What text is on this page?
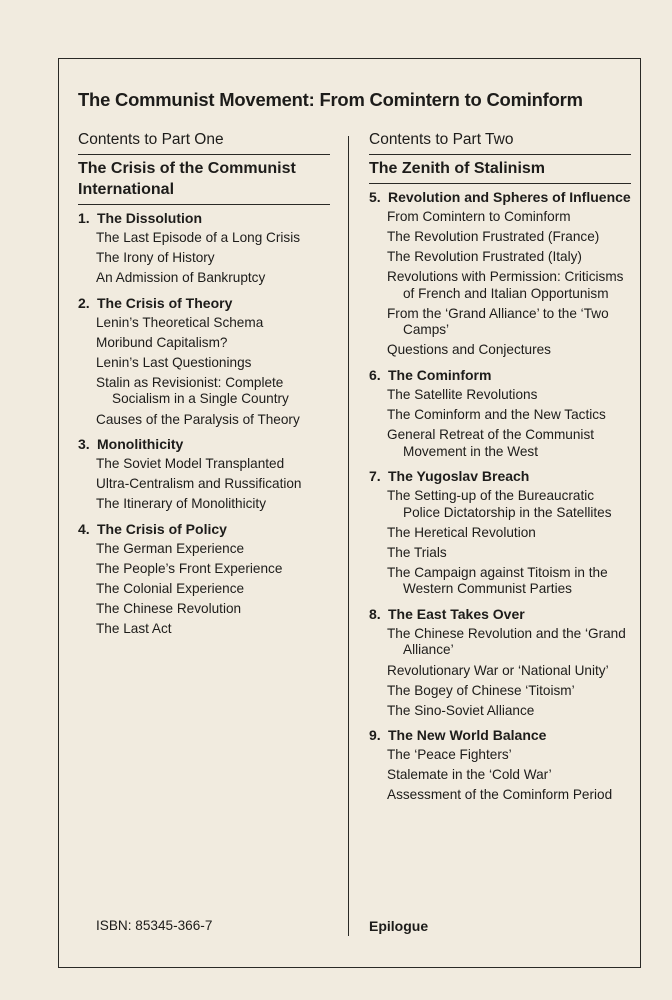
The Communist Movement: From Comintern to Cominform
Contents to Part One
The Crisis of the Communist International
1. The Dissolution
The Last Episode of a Long Crisis
The Irony of History
An Admission of Bankruptcy
2. The Crisis of Theory
Lenin’s Theoretical Schema
Moribund Capitalism?
Lenin’s Last Questionings
Stalin as Revisionist: Complete Socialism in a Single Country
Causes of the Paralysis of Theory
3. Monolithicity
The Soviet Model Transplanted
Ultra-Centralism and Russification
The Itinerary of Monolithicity
4. The Crisis of Policy
The German Experience
The People’s Front Experience
The Colonial Experience
The Chinese Revolution
The Last Act
Contents to Part Two
The Zenith of Stalinism
5. Revolution and Spheres of Influence
From Comintern to Cominform
The Revolution Frustrated (France)
The Revolution Frustrated (Italy)
Revolutions with Permission: Criticisms of French and Italian Opportunism
From the ‘Grand Alliance’ to the ‘Two Camps’
Questions and Conjectures
6. The Cominform
The Satellite Revolutions
The Cominform and the New Tactics
General Retreat of the Communist Movement in the West
7. The Yugoslav Breach
The Setting-up of the Bureaucratic Police Dictatorship in the Satellites
The Heretical Revolution
The Trials
The Campaign against Titoism in the Western Communist Parties
8. The East Takes Over
The Chinese Revolution and the ‘Grand Alliance’
Revolutionary War or ‘National Unity’
The Bogey of Chinese ‘Titoism’
The Sino-Soviet Alliance
9. The New World Balance
The ‘Peace Fighters’
Stalemate in the ‘Cold War’
Assessment of the Cominform Period
ISBN: 85345-366-7	Epilogue
